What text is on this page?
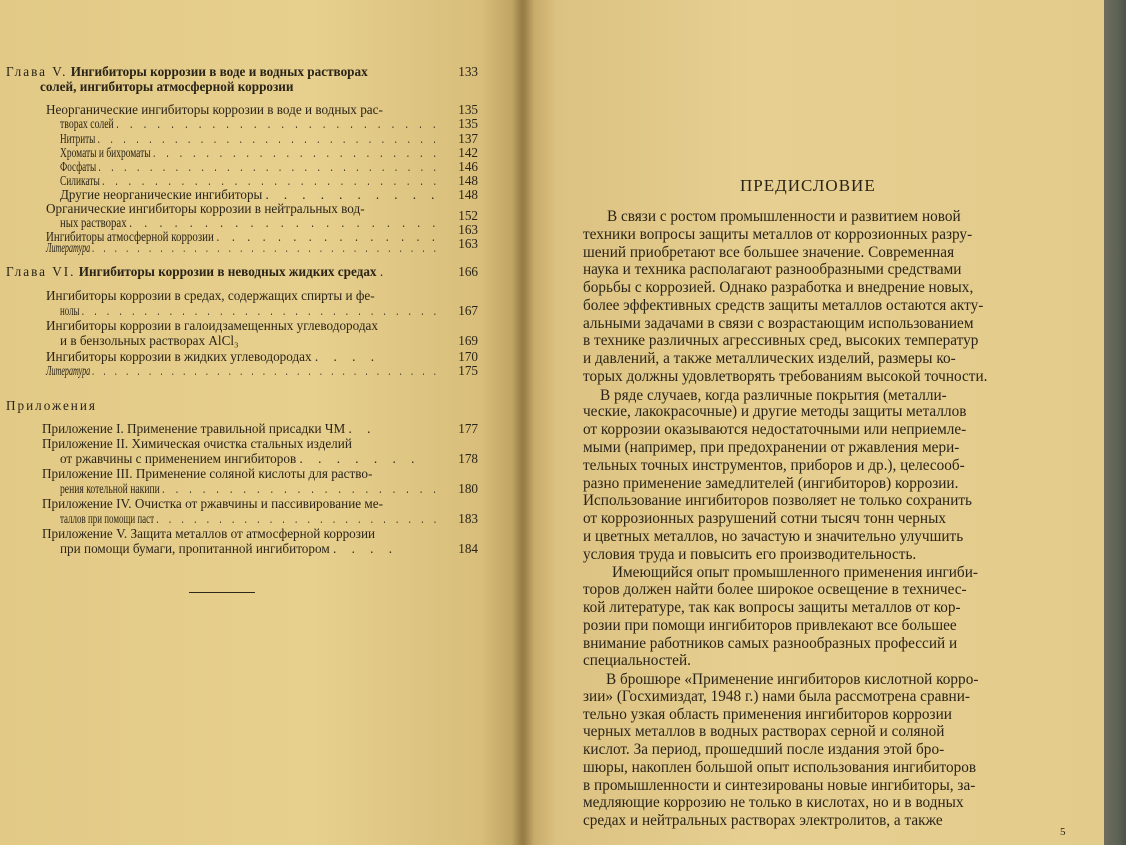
Глава V. Ингибиторы коррозии в воде и водных растворах
солей, ингибиторы атмосферной коррозии
133
Неорганические ингибиторы коррозии в воде и водных рас-	135
творах солей . . . . . . . . . . . . . . . . . . . . . . . .	135
Нитриты . . . . . . . . . . . . . . . . . . . . . . . . . . .	137
Хроматы и бихроматы . . . . . . . . . . . . . . . . . . . . . .	142
Фосфаты . . . . . . . . . . . . . . . . . . . . . . . . . . .	146
Силикаты . . . . . . . . . . . . . . . . . . . . . . . . . .	148
Другие неорганические ингибиторы . . . . . . . . . .	148
Органические ингибиторы коррозии в нейтральных вод-
ных растворах . . . . . . . . . . . . . . . . . . . . .	152
Ингибиторы атмосферной коррозии . . . . . . . . . . . . . . .	163
Литература . . . . . . . . . . . . . . . . . . . . . . . . . . . . . . .	163
Глава VI. Ингибиторы коррозии в неводных жидких средах .	166
Ингибиторы коррозии в средах, содержащих спирты и фе-
нолы . . . . . . . . . . . . . . . . . . . . . . . . . . . . .	167
Ингибиторы коррозии в галоидзамещенных углеводородах
и в бензольных растворах AlCl₃	169
Ингибиторы коррозии в жидких углеводородах . . . .	170
Литература . . . . . . . . . . . . . . . . . . . . . . . . . . . . . . .	175
Приложения
Приложение I. Применение травильной присадки ЧМ . .	177
Приложение II. Химическая очистка стальных изделий
от ржавчины с применением ингибиторов . . . . . . .	178
Приложение III. Применение соляной кислоты для раство-
рения котельной накипи . . . . . . . . . . . . . . . . . . . . .	180
Приложение IV. Очистка от ржавчины и пассивирование ме-
таллов при помощи паст . . . . . . . . . . . . . . . . . . . . . . .	183
Приложение V. Защита металлов от атмосферной коррозии
при помощи бумаги, пропитанной ингибитором . . . .	184
ПРЕДИСЛОВИЕ
В связи с ростом промышленности и развитием новой
техники вопросы защиты металлов от коррозионных разру-
шений приобретают все большее значение. Современная
наука и техника располагают разнообразными средствами
борьбы с коррозией. Однако разработка и внедрение новых,
более эффективных средств защиты металлов остаются акту-
альными задачами в связи с возрастающим использованием
в технике различных агрессивных сред, высоких температур
и давлений, а также металлических изделий, размеры ко-
торых должны удовлетворять требованиям высокой точности.
В ряде случаев, когда различные покрытия (металли-
ческие, лакокрасочные) и другие методы защиты металлов
от коррозии оказываются недостаточными или неприемле-
мыми (например, при предохранении от ржавления мери-
тельных точных инструментов, приборов и др.), целесооб-
разно применение замедлителей (ингибиторов) коррозии.
Использование ингибиторов позволяет не только сохранить
от коррозионных разрушений сотни тысяч тонн черных
и цветных металлов, но зачастую и значительно улучшить
условия труда и повысить его производительность.
Имеющийся опыт промышленного применения ингиби-
торов должен найти более широкое освещение в техничес-
кой литературе, так как вопросы защиты металлов от кор-
розии при помощи ингибиторов привлекают все большее
внимание работников самых разнообразных профессий и
специальностей.
В брошюре «Применение ингибиторов кислотной корро-
зии» (Госхимиздат, 1948 г.) нами была рассмотрена сравни-
тельно узкая область применения ингибиторов коррозии
черных металлов в водных растворах серной и соляной
кислот. За период, прошедший после издания этой бро-
шюры, накоплен большой опыт использования ингибиторов
в промышленности и синтезированы новые ингибиторы, за-
медляющие коррозию не только в кислотах, но и в водных
средах и нейтральных растворах электролитов, а также
5
